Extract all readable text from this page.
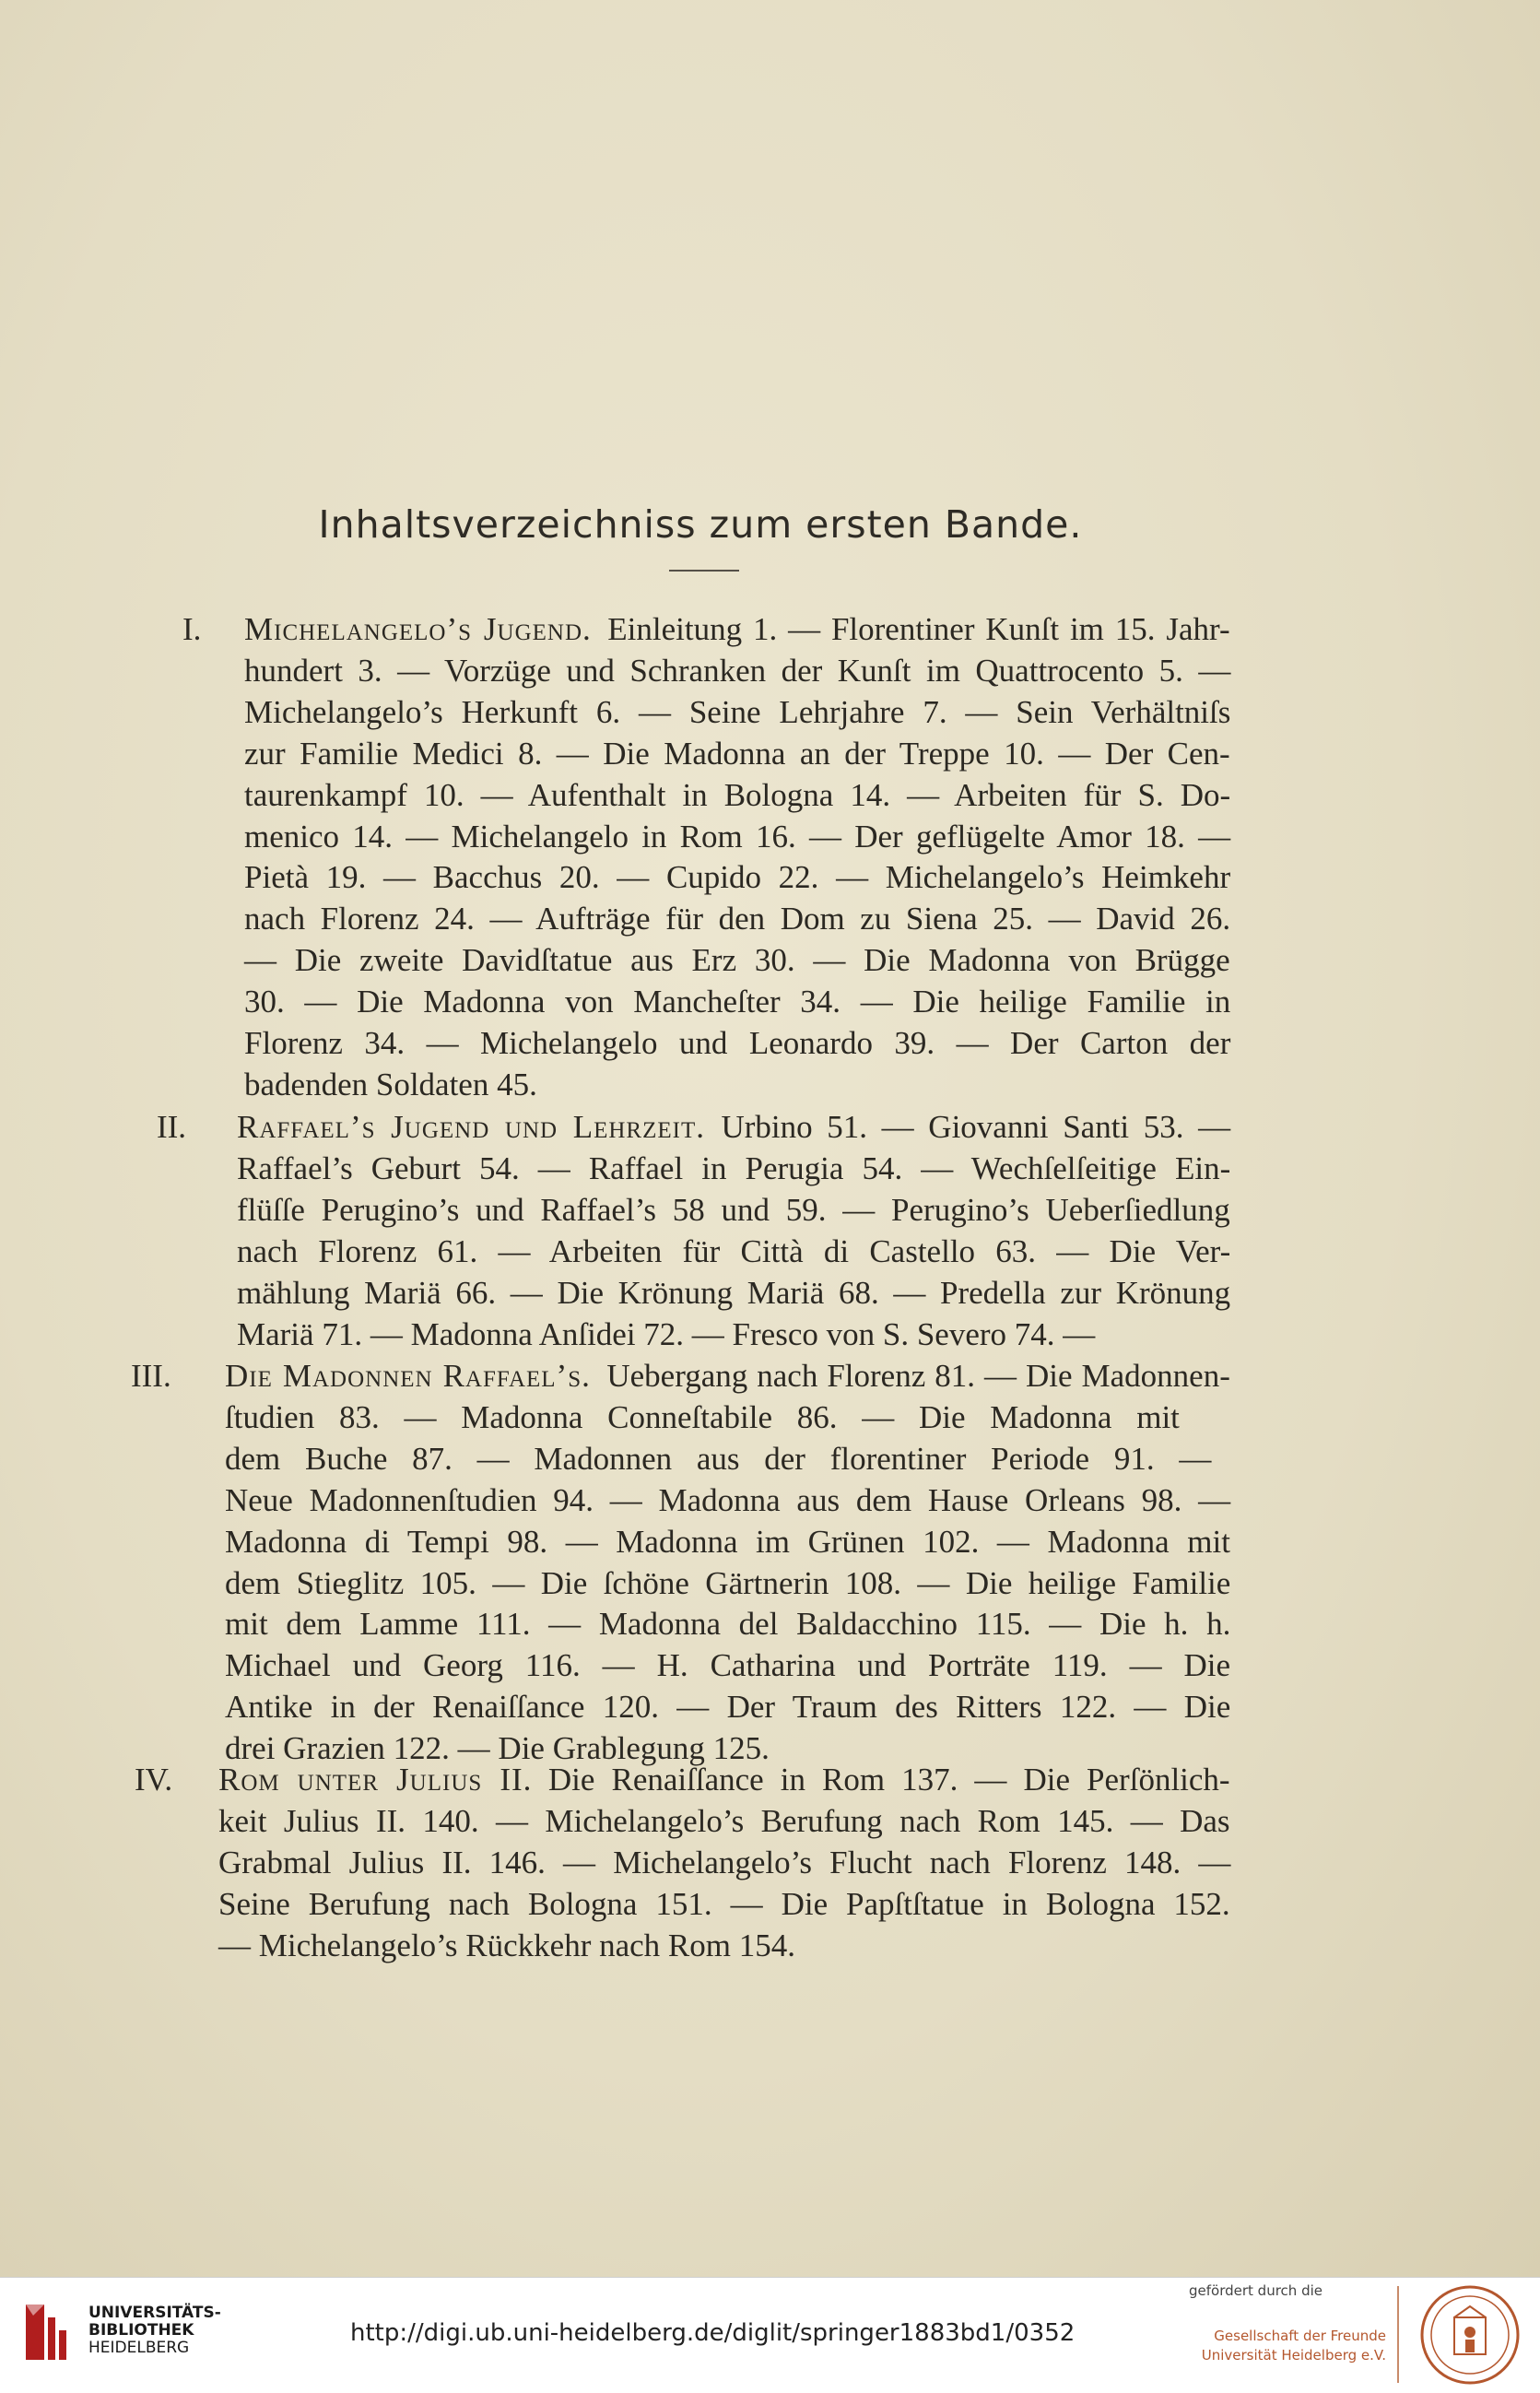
Inhaltsverzeichniss zum ersten Bande.
I. Michelangelo’s Jugend.  Einleitung 1. — Florentiner Kunſt im 15. Jahr-
hundert 3. — Vorzüge und Schranken der Kunſt im Quattrocento 5. —
Michelangelo’s Herkunft 6. — Seine Lehrjahre 7. — Sein Verhältniſs
zur Familie Medici 8. — Die Madonna an der Treppe 10. — Der Cen-
taurenkampf 10. — Aufenthalt in Bologna 14. — Arbeiten für S. Do-
menico 14. — Michelangelo in Rom 16. — Der geflügelte Amor 18. —
Pietà 19. — Bacchus 20. — Cupido 22. — Michelangelo’s Heimkehr
nach Florenz 24. — Aufträge für den Dom zu Siena 25. — David 26.
— Die zweite Davidſtatue aus Erz 30. — Die Madonna von Brügge
30. — Die Madonna von Mancheſter 34. — Die heilige Familie in
Florenz 34. — Michelangelo und Leonardo 39. — Der Carton der
badenden Soldaten 45.
II. Raffael’s Jugend und Lehrzeit.  Urbino 51. — Giovanni Santi 53. —
Raffael’s Geburt 54. — Raffael in Perugia 54. — Wechſelſeitige Ein-
flüſſe Perugino’s und Raffael’s 58 und 59. — Perugino’s Ueberſiedlung
nach Florenz 61. — Arbeiten für Città di Castello 63. — Die Ver-
mählung Mariä 66. — Die Krönung Mariä 68. — Predella zur Krönung
Mariä 71. — Madonna Anſidei 72. — Fresco von S. Severo 74. —
III. Die Madonnen Raffael’s.  Uebergang nach Florenz 81. — Die Madonnen-
ſtudien 83. — Madonna Conneſtabile 86. — Die Madonna mit
dem Buche 87. — Madonnen aus der florentiner Periode 91. —
Neue Madonnenſtudien 94. — Madonna aus dem Hause Orleans 98. —
Madonna di Tempi 98. — Madonna im Grünen 102. — Madonna mit
dem Stieglitz 105. — Die ſchöne Gärtnerin 108. — Die heilige Familie
mit dem Lamme 111. — Madonna del Baldacchino 115. — Die h. h.
Michael und Georg 116. — H. Catharina und Porträte 119. — Die
Antike in der Renaiſſance 120. — Der Traum des Ritters 122. — Die
drei Grazien 122. — Die Grablegung 125.
IV. Rom unter Julius II.  Die Renaiſſance in Rom 137. — Die Perſönlich-
keit Julius II. 140. — Michelangelo’s Berufung nach Rom 145. — Das
Grabmal Julius II. 146. — Michelangelo’s Flucht nach Florenz 148. —
Seine Berufung nach Bologna 151. — Die Papſtſtatue in Bologna 152.
— Michelangelo’s Rückkehr nach Rom 154.
UNIVERSITÄTS-
BIBLIOTHEK
HEIDELBERG
http://digi.ub.uni-heidelberg.de/diglit/springer1883bd1/0352
gefördert durch die
Gesellschaft der Freunde
Universität Heidelberg e.V.
